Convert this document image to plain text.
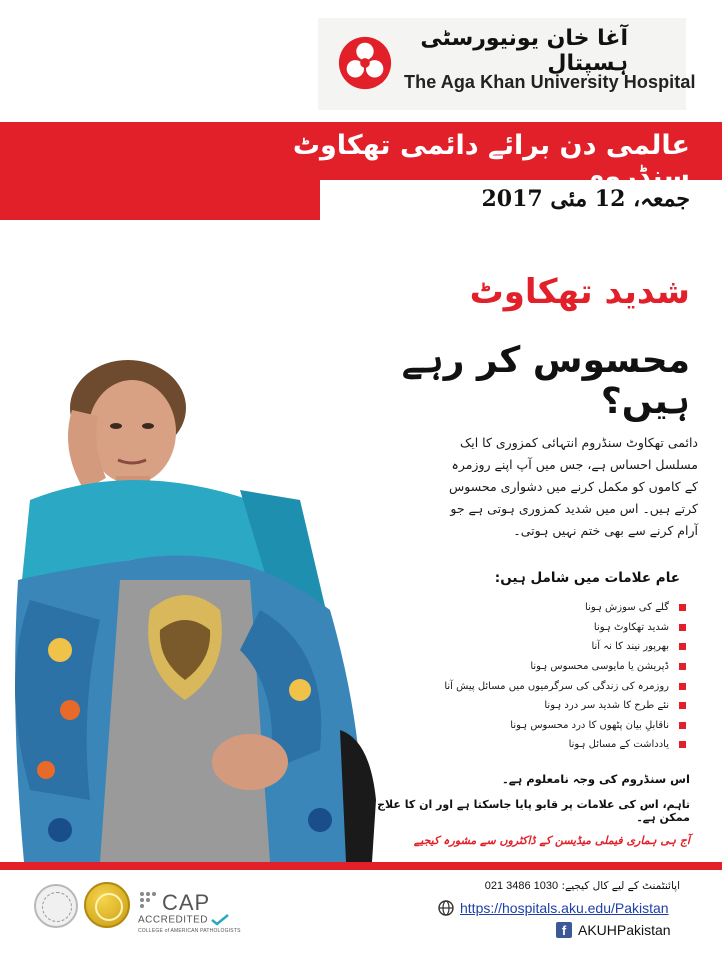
آغا خان یونیورسٹی ہسپتال
The Aga Khan University Hospital
عالمی دن برائے دائمی تھکاوٹ سنڈروم
جمعہ، 12 مئی 2017
شدید تھکاوٹ
محسوس کر رہے ہیں؟
دائمی تھکاوٹ سنڈروم انتہائی کمزوری کا ایک مسلسل احساس ہے، جس میں آپ اپنے روزمرہ کے کاموں کو مکمل کرنے میں دشواری محسوس کرتے ہیں۔ اس میں شدید کمزوری ہوتی ہے جو آرام کرنے سے بھی ختم نہیں ہوتی۔
عام علامات میں شامل ہیں:
گلے کی سوزش ہونا
شدید تھکاوٹ ہونا
بھرپور نیند کا نہ آنا
ڈپریشن یا مایوسی محسوس ہونا
روزمرہ کی زندگی کی سرگرمیوں میں مسائل پیش آنا
نئے طرح کا شدید سر درد ہونا
ناقابلِ بیان پٹھوں کا درد محسوس ہونا
یادداشت کے مسائل ہونا
اس سنڈروم کی وجہ نامعلوم ہے۔
تاہم، اس کی علامات پر قابو پایا جاسکتا ہے اور ان کا علاج ممکن ہے۔
آج ہی ہماری فیملی میڈیسن کے ڈاکٹروں سے مشورہ کیجیے
CAP
ACCREDITED
COLLEGE of AMERICAN PATHOLOGISTS
اپائنٹمنٹ کے لیے کال کیجیے: 021 3486 1030
https://hospitals.aku.edu/Pakistan
f AKUHPakistan
